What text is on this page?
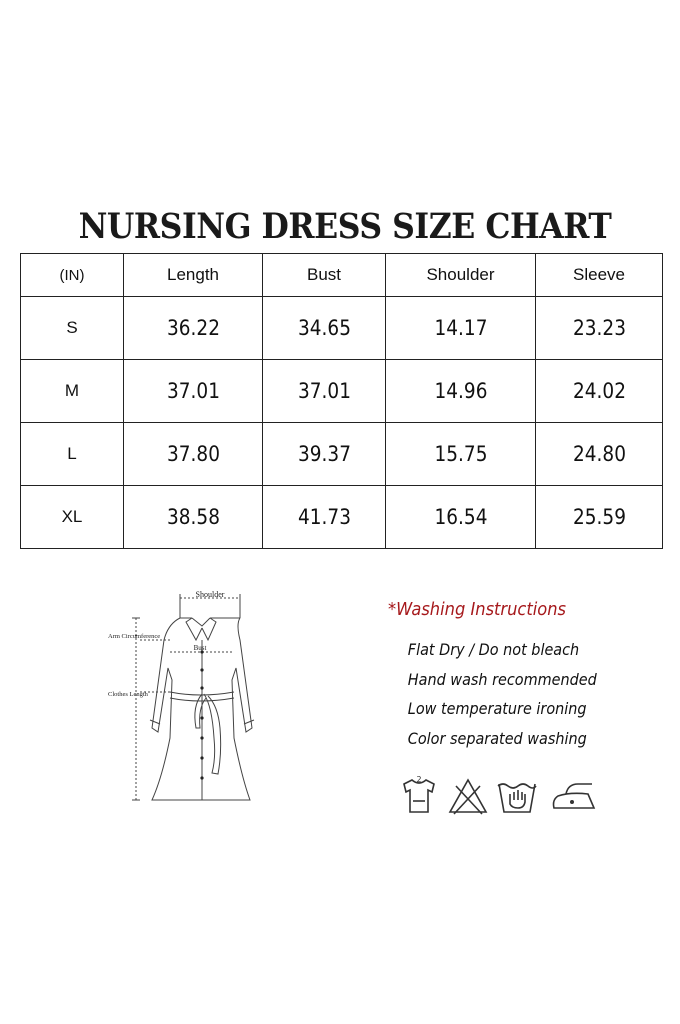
NURSING DRESS SIZE CHART
(IN)	Length	Bust	Shoulder	Sleeve
S	36.22	34.65	14.17	23.23
M	37.01	37.01	14.96	24.02
L	37.80	39.37	15.75	24.80
XL	38.58	41.73	16.54	25.59
Shoulder
Arm Circumference
Bust
Clothes Length
*Washing Instructions
Flat Dry / Do not bleach
Hand wash recommended
Low temperature ironing
Color separated washing
2
